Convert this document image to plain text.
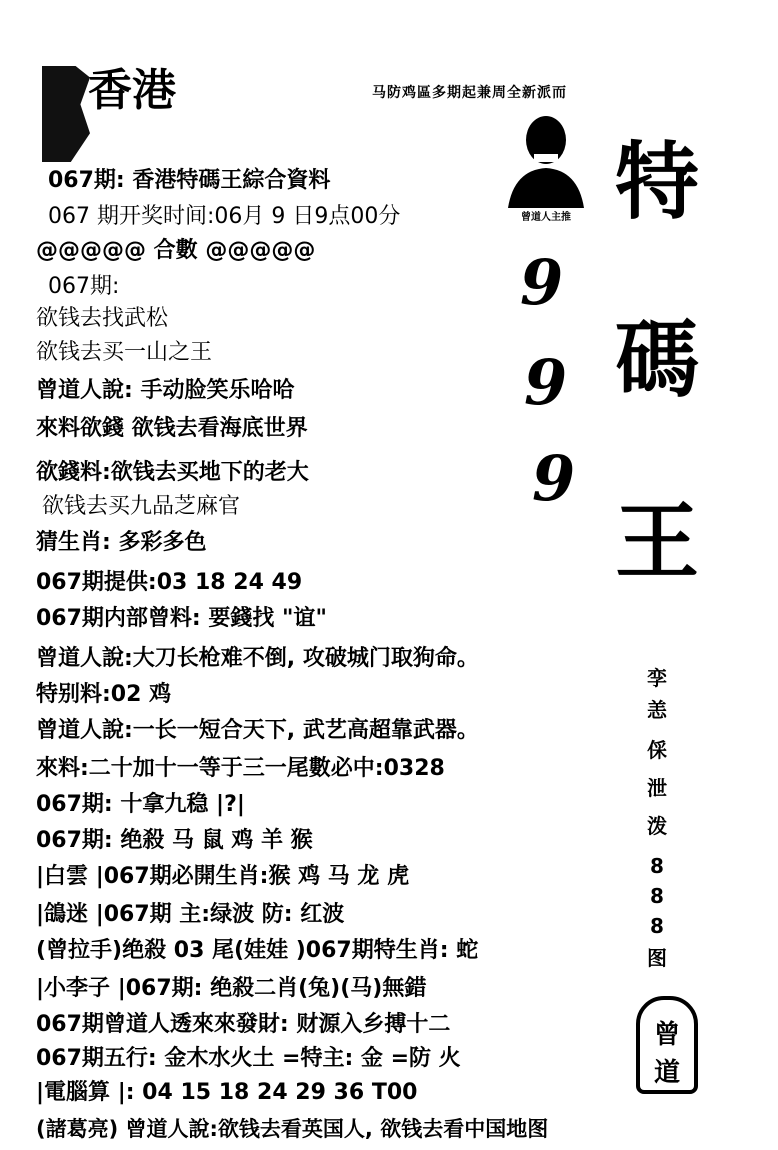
香港	马防鸡區多期起兼周全新派而
曾道人主推
9
9
9
特
碼
王
孪
恙
倸
泄
泼
8
8
8
图
曾
道
067期: 香港特碼王綜合資料
067 期开奖时间:06月 9 日9点00分
@@@@@ 合數 @@@@@
067期:
欲钱去找武松
欲钱去买一山之王
曾道人說: 手动脸笑乐哈哈
來料欲錢 欲钱去看海底世界
欲錢料:欲钱去买地下的老大
欲钱去买九品芝麻官
猜生肖: 多彩多色
067期提供:03 18 24 49
067期内部曾料: 要錢找 "谊"
曾道人說:大刀长枪难不倒, 攻破城门取狗命。
特别料:02 鸡
曾道人說:一长一短合天下, 武艺高超靠武器。
來料:二十加十一等于三一尾數必中:0328
067期: 十拿九稳 |?|
067期: 绝殺 马 鼠 鸡 羊 猴
|白雲 |067期必開生肖:猴 鸡 马 龙 虎
|鴿迷 |067期 主:绿波 防: 红波
(曾拉手)绝殺 03 尾(娃娃 )067期特生肖: 蛇
|小李子 |067期: 绝殺二肖(兔)(马)無錯
067期曾道人透來來發財: 财源入乡搏十二
067期五行: 金木水火土 =特主: 金 =防 火
|電腦算 |: 04 15 18 24 29 36 T00
(諸葛亮) 曾道人說:欲钱去看英国人, 欲钱去看中国地图
